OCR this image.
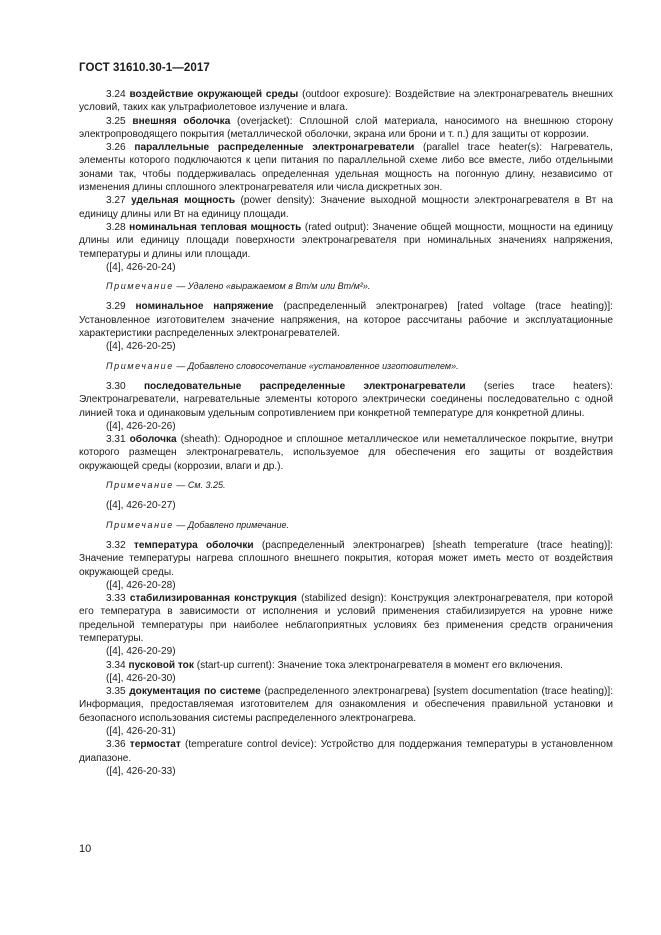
ГОСТ 31610.30-1—2017

3.24 воздействие окружающей среды (outdoor exposure): Воздействие на электронагреватель внешних условий, таких как ультрафиолетовое излучение и влага.

3.25 внешняя оболочка (overjacket): Сплошной слой материала, наносимого на внешнюю сторону электропроводящего покрытия (металлической оболочки, экрана или брони и т. п.) для защиты от коррозии.

3.26 параллельные распределенные электронагреватели (parallel trace heater(s): Нагреватель, элементы которого подключаются к цепи питания по параллельной схеме либо все вместе, либо отдельными зонами так, чтобы поддерживалась определенная удельная мощность на погонную длину, независимо от изменения длины сплошного электронагревателя или числа дискретных зон.

3.27 удельная мощность (power density): Значение выходной мощности электронагревателя в Вт на единицу длины или Вт на единицу площади.

3.28 номинальная тепловая мощность (rated output): Значение общей мощности, мощности на единицу длины или единицу площади поверхности электронагревателя при номинальных значениях напряжения, температуры и длины или площади.

([4], 426-20-24)

Примечание — Удалено «выражаемом в Вт/м или Вт/м²».

3.29 номинальное напряжение (распределенный электронагрев) [rated voltage (trace heating)]: Установленное изготовителем значение напряжения, на которое рассчитаны рабочие и эксплуатационные характеристики распределенных электронагревателей.

([4], 426-20-25)

Примечание — Добавлено словосочетание «установленное изготовителем».

3.30 последовательные распределенные электронагреватели (series trace heaters): Электронагреватели, нагревательные элементы которого электрически соединены последовательно с одной линией тока и одинаковым удельным сопротивлением при конкретной температуре для конкретной длины.

([4], 426-20-26)

3.31 оболочка (sheath): Однородное и сплошное металлическое или неметаллическое покрытие, внутри которого размещен электронагреватель, используемое для обеспечения его защиты от воздействия окружающей среды (коррозии, влаги и др.).

Примечание — См. 3.25.

([4], 426-20-27)

Примечание — Добавлено примечание.

3.32 температура оболочки (распределенный электронагрев) [sheath temperature (trace heating)]: Значение температуры нагрева сплошного внешнего покрытия, которая может иметь место от воздействия окружающей среды.

([4], 426-20-28)

3.33 стабилизированная конструкция (stabilized design): Конструкция электронагревателя, при которой его температура в зависимости от исполнения и условий применения стабилизируется на уровне ниже предельной температуры при наиболее неблагоприятных условиях без применения средств ограничения температуры.

([4], 426-20-29)

3.34 пусковой ток (start-up current): Значение тока электронагревателя в момент его включения.

([4], 426-20-30)

3.35 документация по системе (распределенного электронагрева) [system documentation (trace heating)]: Информация, предоставляемая изготовителем для ознакомления и обеспечения правильной установки и безопасного использования системы распределенного электронагрева.

([4], 426-20-31)

3.36 термостат (temperature control device): Устройство для поддержания температуры в установленном диапазоне.

([4], 426-20-33)

10
